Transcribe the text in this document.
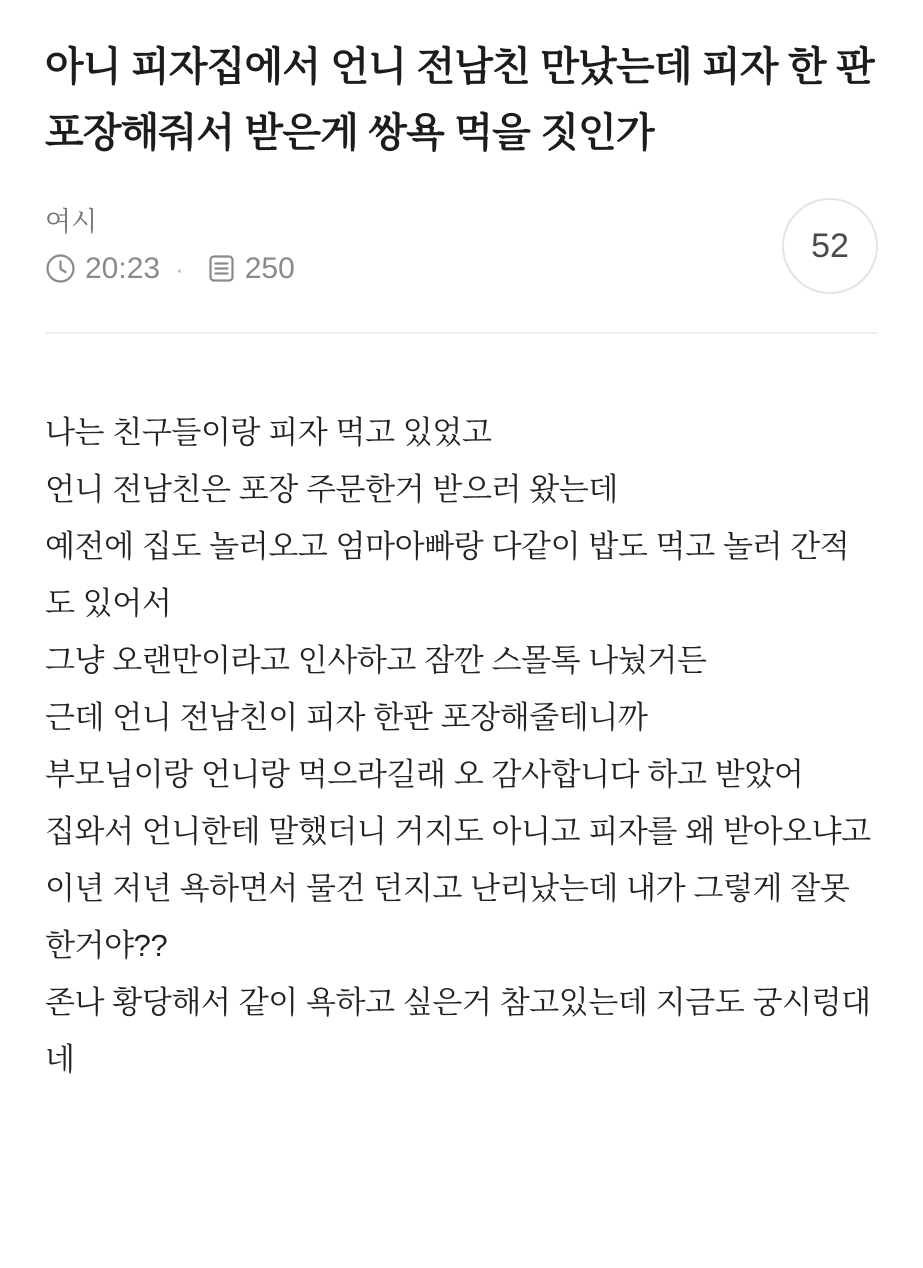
아니 피자집에서 언니 전남친 만났는데 피자 한 판 포장해줘서 받은게 쌍욕 먹을 짓인가
여시
20:23 · 250
52

나는 친구들이랑 피자 먹고 있었고

언니 전남친은 포장 주문한거 받으러 왔는데

예전에 집도 놀러오고 엄마아빠랑 다같이 밥도 먹고 놀러 간적도 있어서

그냥 오랜만이라고 인사하고 잠깐 스몰톡 나눴거든

근데 언니 전남친이 피자 한판 포장해줄테니까

부모님이랑 언니랑 먹으라길래 오 감사합니다 하고 받았어

집와서 언니한테 말했더니 거지도 아니고 피자를 왜 받아오냐고

이년 저년 욕하면서 물건 던지고 난리났는데 내가 그렇게 잘못한거야??

존나 황당해서 같이 욕하고 싶은거 참고있는데 지금도 궁시렁대네
